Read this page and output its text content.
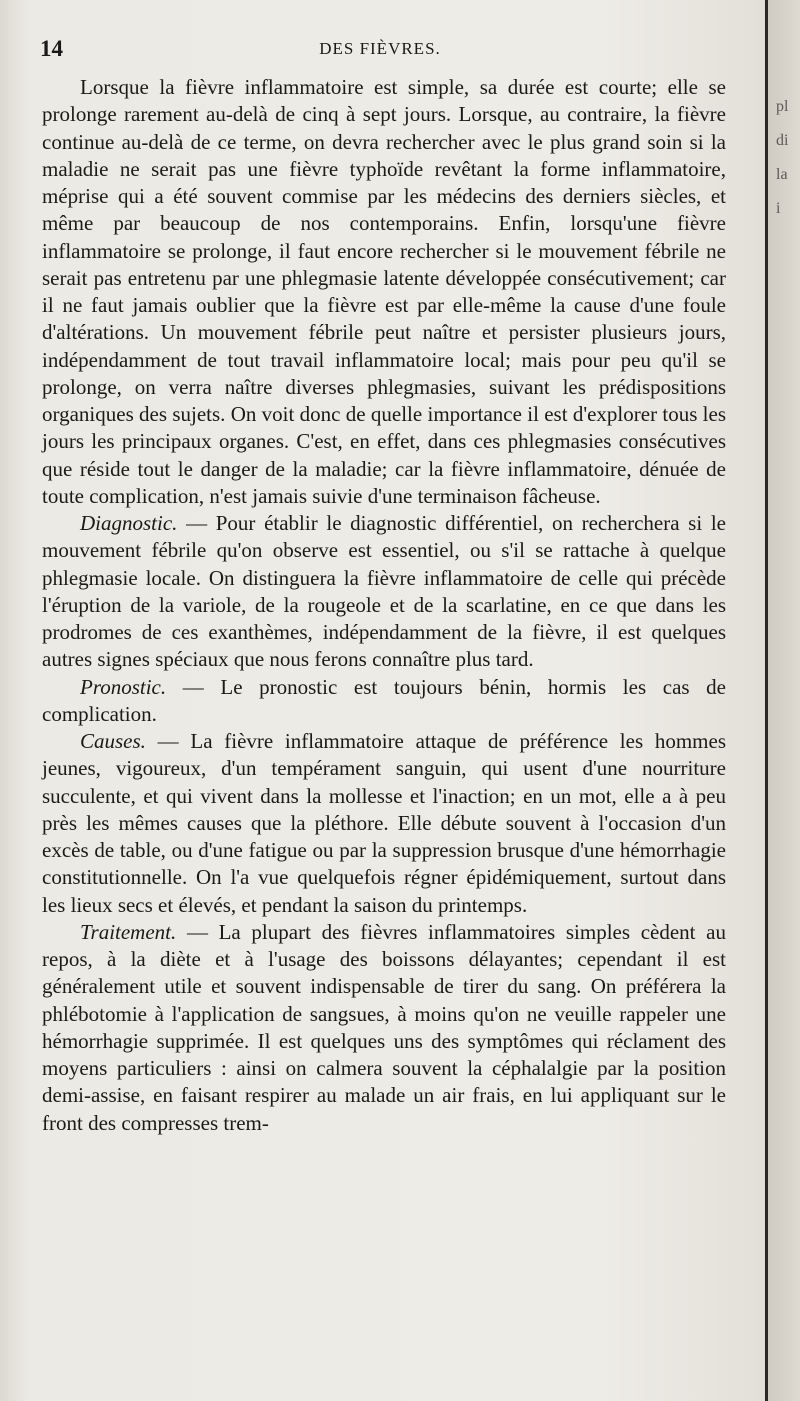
pl
di
la
i
14	DES FIÈVRES.

Lorsque la fièvre inflammatoire est simple, sa durée est courte; elle se prolonge rarement au-delà de cinq à sept jours. Lorsque, au contraire, la fièvre continue au-delà de ce terme, on devra rechercher avec le plus grand soin si la maladie ne serait pas une fièvre typhoïde revêtant la forme inflammatoire, méprise qui a été souvent commise par les médecins des derniers siècles, et même par beaucoup de nos contemporains. Enfin, lorsqu'une fièvre inflammatoire se prolonge, il faut encore rechercher si le mouvement fébrile ne serait pas entretenu par une phlegmasie latente développée consécutivement; car il ne faut jamais oublier que la fièvre est par elle-même la cause d'une foule d'altérations. Un mouvement fébrile peut naître et persister plusieurs jours, indépendamment de tout travail inflammatoire local; mais pour peu qu'il se prolonge, on verra naître diverses phlegmasies, suivant les prédispositions organiques des sujets. On voit donc de quelle importance il est d'explorer tous les jours les principaux organes. C'est, en effet, dans ces phlegmasies consécutives que réside tout le danger de la maladie; car la fièvre inflammatoire, dénuée de toute complication, n'est jamais suivie d'une terminaison fâcheuse.

Diagnostic. — Pour établir le diagnostic différentiel, on recherchera si le mouvement fébrile qu'on observe est essentiel, ou s'il se rattache à quelque phlegmasie locale. On distinguera la fièvre inflammatoire de celle qui précède l'éruption de la variole, de la rougeole et de la scarlatine, en ce que dans les prodromes de ces exanthèmes, indépendamment de la fièvre, il est quelques autres signes spéciaux que nous ferons connaître plus tard.

Pronostic. — Le pronostic est toujours bénin, hormis les cas de complication.

Causes. — La fièvre inflammatoire attaque de préférence les hommes jeunes, vigoureux, d'un tempérament sanguin, qui usent d'une nourriture succulente, et qui vivent dans la mollesse et l'inaction; en un mot, elle a à peu près les mêmes causes que la pléthore. Elle débute souvent à l'occasion d'un excès de table, ou d'une fatigue ou par la suppression brusque d'une hémorrhagie constitutionnelle. On l'a vue quelquefois régner épidémiquement, surtout dans les lieux secs et élevés, et pendant la saison du printemps.

Traitement. — La plupart des fièvres inflammatoires simples cèdent au repos, à la diète et à l'usage des boissons délayantes; cependant il est généralement utile et souvent indispensable de tirer du sang. On préférera la phlébotomie à l'application de sangsues, à moins qu'on ne veuille rappeler une hémorrhagie supprimée. Il est quelques uns des symptômes qui réclament des moyens particuliers : ainsi on calmera souvent la céphalalgie par la position demi-assise, en faisant respirer au malade un air frais, en lui appliquant sur le front des compresses trem-
